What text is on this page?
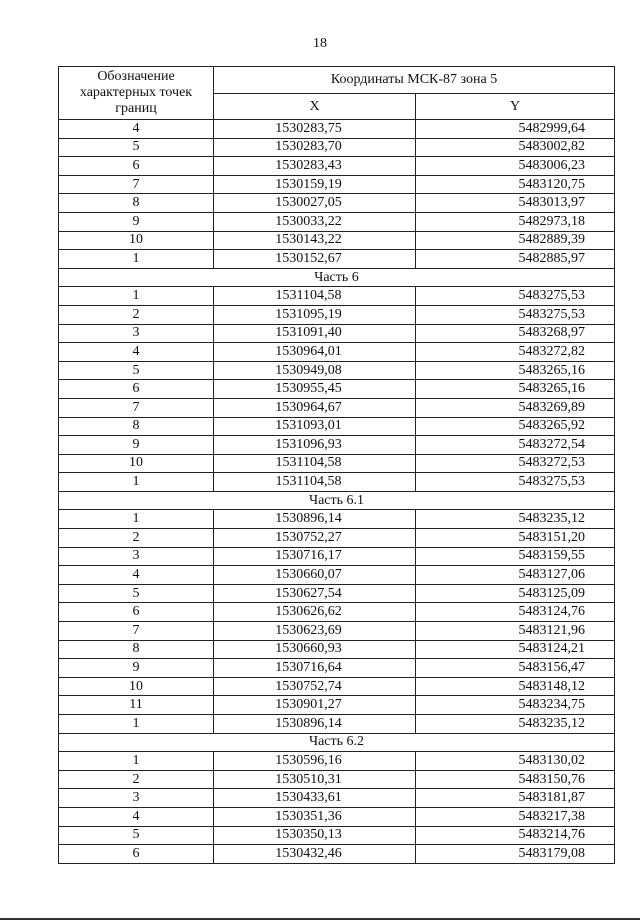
18
Обозначение характерных точек границ	Координаты МСК-87 зона 5	
	X	Y
4	1530283,75	5482999,64
5	1530283,70	5483002,82
6	1530283,43	5483006,23
7	1530159,19	5483120,75
8	1530027,05	5483013,97
9	1530033,22	5482973,18
10	1530143,22	5482889,39
1	1530152,67	5482885,97
Часть 6		
1	1531104,58	5483275,53
2	1531095,19	5483275,53
3	1531091,40	5483268,97
4	1530964,01	5483272,82
5	1530949,08	5483265,16
6	1530955,45	5483265,16
7	1530964,67	5483269,89
8	1531093,01	5483265,92
9	1531096,93	5483272,54
10	1531104,58	5483272,53
1	1531104,58	5483275,53
Часть 6.1		
1	1530896,14	5483235,12
2	1530752,27	5483151,20
3	1530716,17	5483159,55
4	1530660,07	5483127,06
5	1530627,54	5483125,09
6	1530626,62	5483124,76
7	1530623,69	5483121,96
8	1530660,93	5483124,21
9	1530716,64	5483156,47
10	1530752,74	5483148,12
11	1530901,27	5483234,75
1	1530896,14	5483235,12
Часть 6.2		
1	1530596,16	5483130,02
2	1530510,31	5483150,76
3	1530433,61	5483181,87
4	1530351,36	5483217,38
5	1530350,13	5483214,76
6	1530432,46	5483179,08
